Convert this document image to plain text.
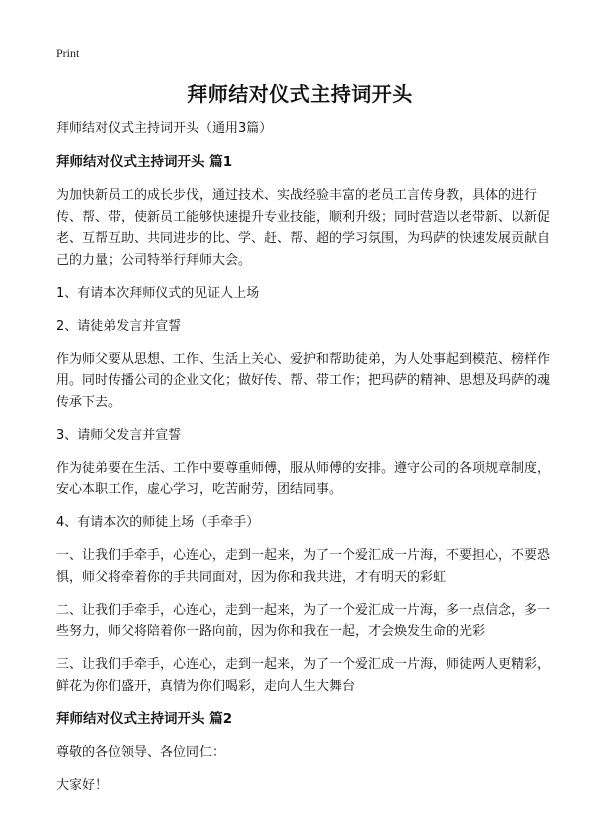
Print
拜师结对仪式主持词开头

拜师结对仪式主持词开头（通用3篇）

拜师结对仪式主持词开头 篇1

为加快新员工的成长步伐，通过技术、实战经验丰富的老员工言传身教，具体的进行传、帮、带，使新员工能够快速提升专业技能，顺利升级；同时营造以老带新、以新促老、互帮互助、共同进步的比、学、赶、帮、超的学习氛围，为玛萨的快速发展贡献自己的力量；公司特举行拜师大会。

1、有请本次拜师仪式的见证人上场

2、请徒弟发言并宣誓

作为师父要从思想、工作、生活上关心、爱护和帮助徒弟，为人处事起到模范、榜样作用。同时传播公司的企业文化；做好传、帮、带工作；把玛萨的精神、思想及玛萨的魂传承下去。

3、请师父发言并宣誓

作为徒弟要在生活、工作中要尊重师傅，服从师傅的安排。遵守公司的各项规章制度，安心本职工作，虚心学习，吃苦耐劳，团结同事。

4、有请本次的师徒上场（手牵手）

一、让我们手牵手，心连心，走到一起来，为了一个爱汇成一片海，不要担心，不要恐惧，师父将牵着你的手共同面对，因为你和我共进，才有明天的彩虹

二、让我们手牵手，心连心，走到一起来，为了一个爱汇成一片海，多一点信念，多一些努力，师父将陪着你一路向前，因为你和我在一起，才会焕发生命的光彩

三、让我们手牵手，心连心，走到一起来，为了一个爱汇成一片海，师徒两人更精彩，鲜花为你们盛开，真情为你们喝彩，走向人生大舞台

拜师结对仪式主持词开头 篇2

尊敬的各位领导、各位同仁：

大家好！
